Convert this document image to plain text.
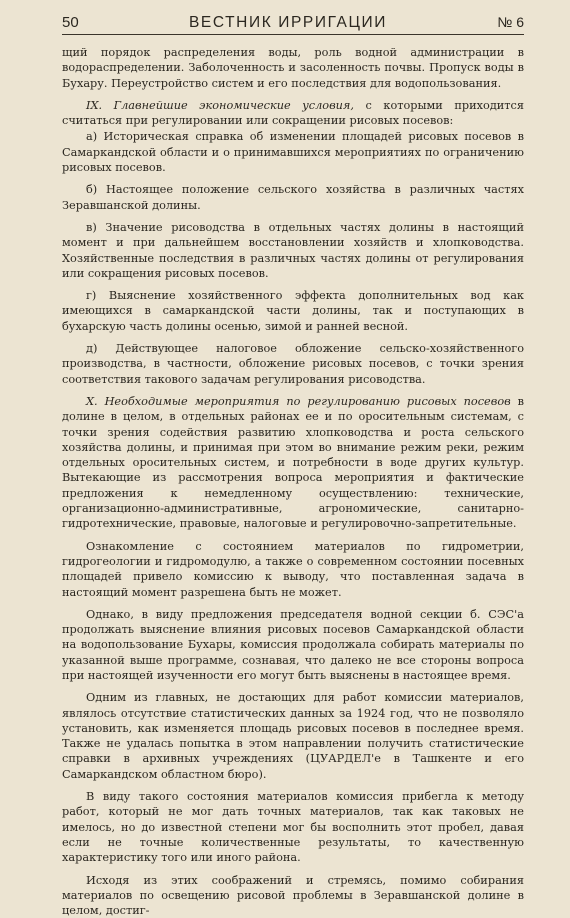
50	ВЕСТНИК ИРРИГАЦИИ	№ 6

щий порядок распределения воды, роль водной администрации в водораспределении. Заболоченность и засоленность почвы. Пропуск воды в Бухару. Переустройство систем и его последствия для водопользования.

IX. Главнейшие экономические условия, с которыми приходится считаться при регулировании или сокращении рисовых посевов:

а) Историческая справка об изменении площадей рисовых посевов в Самаркандской области и о принимавшихся мероприятиях по ограничению рисовых посевов.

б) Настоящее положение сельского хозяйства в различных частях Зеравшанской долины.

в) Значение рисоводства в отдельных частях долины в настоящий момент и при дальнейшем восстановлении хозяйств и хлопководства. Хозяйственные последствия в различных частях долины от регулирования или сокращения рисовых посевов.

г) Выяснение хозяйственного эффекта дополнительных вод как имеющихся в самаркандской части долины, так и поступающих в бухарскую часть долины осенью, зимой и ранней весной.

д) Действующее налоговое обложение сельско-хозяйственного производства, в частности, обложение рисовых посевов, с точки зрения соответствия такового задачам регулирования рисоводства.

X. Необходимые мероприятия по регулированию рисовых посевов в долине в целом, в отдельных районах ее и по оросительным системам, с точки зрения содействия развитию хлопководства и роста сельского хозяйства долины, и принимая при этом во внимание режим реки, режим отдельных оросительных систем, и потребности в воде других культур. Вытекающие из рассмотрения вопроса мероприятия и фактические предложения к немедленному осуществлению: технические, организационно-административные, агрономические, санитарно-гидротехнические, правовые, налоговые и регулировочно-запретительные.

Ознакомление с состоянием материалов по гидрометрии, гидрогеологии и гидромодулю, а также о современном состоянии посевных площадей привело комиссию к выводу, что поставленная задача в настоящий момент разрешена быть не может.

Однако, в виду предложения председателя водной секции б. СЭС'а продолжать выяснение влияния рисовых посевов Самаркандской области на водопользование Бухары, комиссия продолжала собирать материалы по указанной выше программе, сознавая, что далеко не все стороны вопроса при настоящей изученности его могут быть выяснены в настоящее время.

Одним из главных, не достающих для работ комиссии материалов, являлось отсутствие статистических данных за 1924 год, что не позволяло установить, как изменяется площадь рисовых посевов в последнее время. Также не удалась попытка в этом направлении получить статистические справки в архивных учреждениях (ЦУАРДЕЛ'е в Ташкенте и его Самаркандском областном бюро).

В виду такого состояния материалов комиссия прибегла к методу работ, который не мог дать точных материалов, так как таковых не имелось, но до известной степени мог бы восполнить этот пробел, давая если не точные количественные результаты, то качественную характеристику того или иного района.

Исходя из этих соображений и стремясь, помимо собирания материалов по освещению рисовой проблемы в Зеравшанской долине в целом, достиг-
